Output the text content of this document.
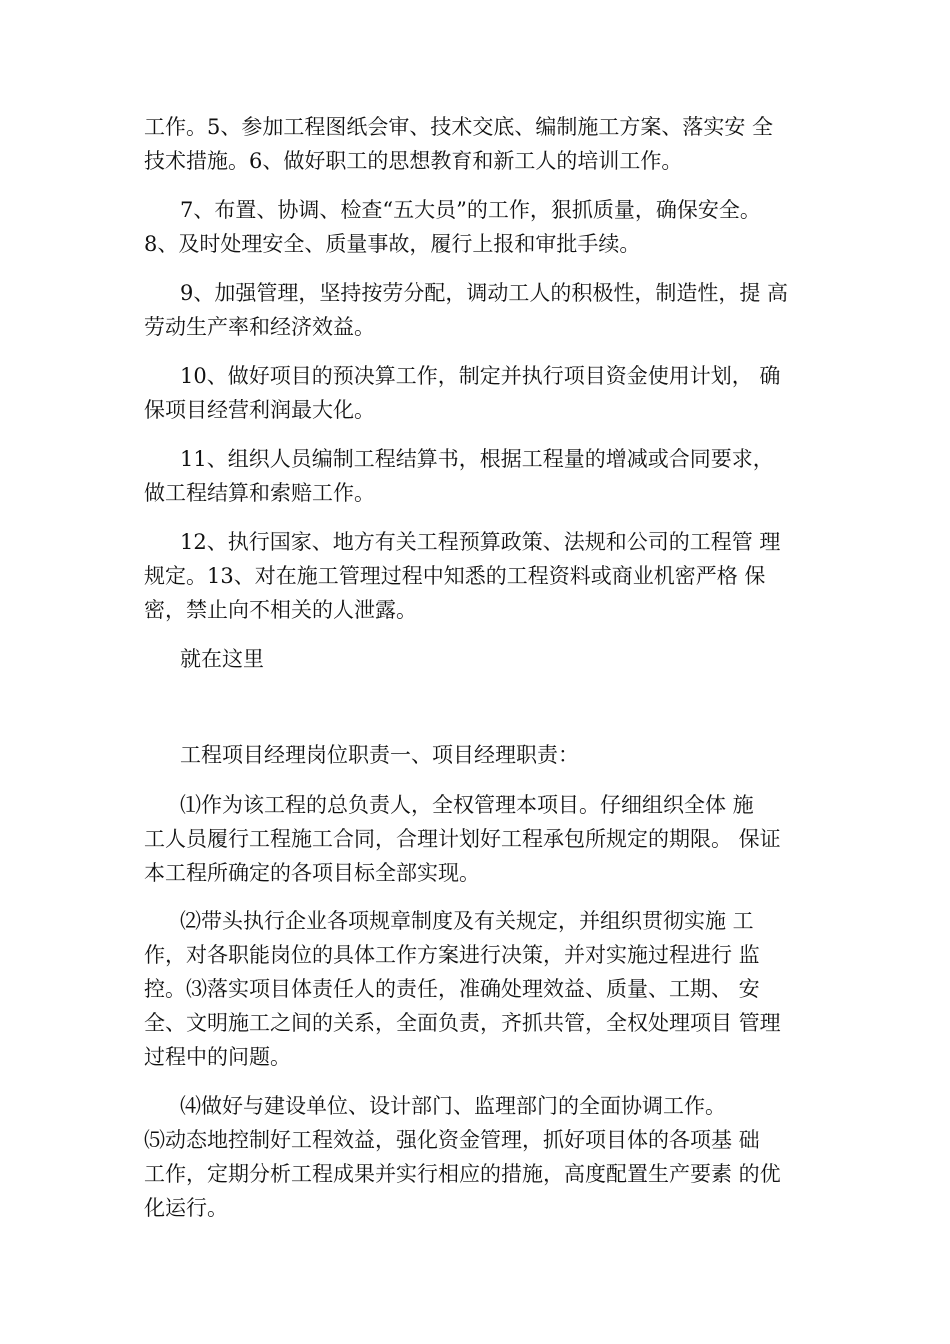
工作。5、参加工程图纸会审、技术交底、编制施工方案、落实安 全
技术措施。6、做好职工的思想教育和新工人的培训工作。
7、布置、协调、检查“五大员”的工作，狠抓质量，确保安全。
8、及时处理安全、质量事故，履行上报和审批手续。
9、加强管理，坚持按劳分配，调动工人的积极性，制造性，提 高
劳动生产率和经济效益。
10、做好项目的预决算工作，制定并执行项目资金使用计划， 确
保项目经营利润最大化。
11、组织人员编制工程结算书，根据工程量的增减或合同要求，
做工程结算和索赔工作。
12、执行国家、地方有关工程预算政策、法规和公司的工程管 理
规定。13、对在施工管理过程中知悉的工程资料或商业机密严格 保
密，禁止向不相关的人泄露。
就在这里
工程项目经理岗位职责一、项目经理职责：
⑴作为该工程的总负责人，全权管理本项目。仔细组织全体 施
工人员履行工程施工合同，合理计划好工程承包所规定的期限。 保证
本工程所确定的各项目标全部实现。
⑵带头执行企业各项规章制度及有关规定，并组织贯彻实施 工
作，对各职能岗位的具体工作方案进行决策，并对实施过程进行 监
控。⑶落实项目体责任人的责任，准确处理效益、质量、工期、 安
全、文明施工之间的关系，全面负责，齐抓共管，全权处理项目 管理
过程中的问题。
⑷做好与建设单位、设计部门、监理部门的全面协调工作。
⑸动态地控制好工程效益，强化资金管理，抓好项目体的各项基 础
工作，定期分析工程成果并实行相应的措施，高度配置生产要素 的优
化运行。
